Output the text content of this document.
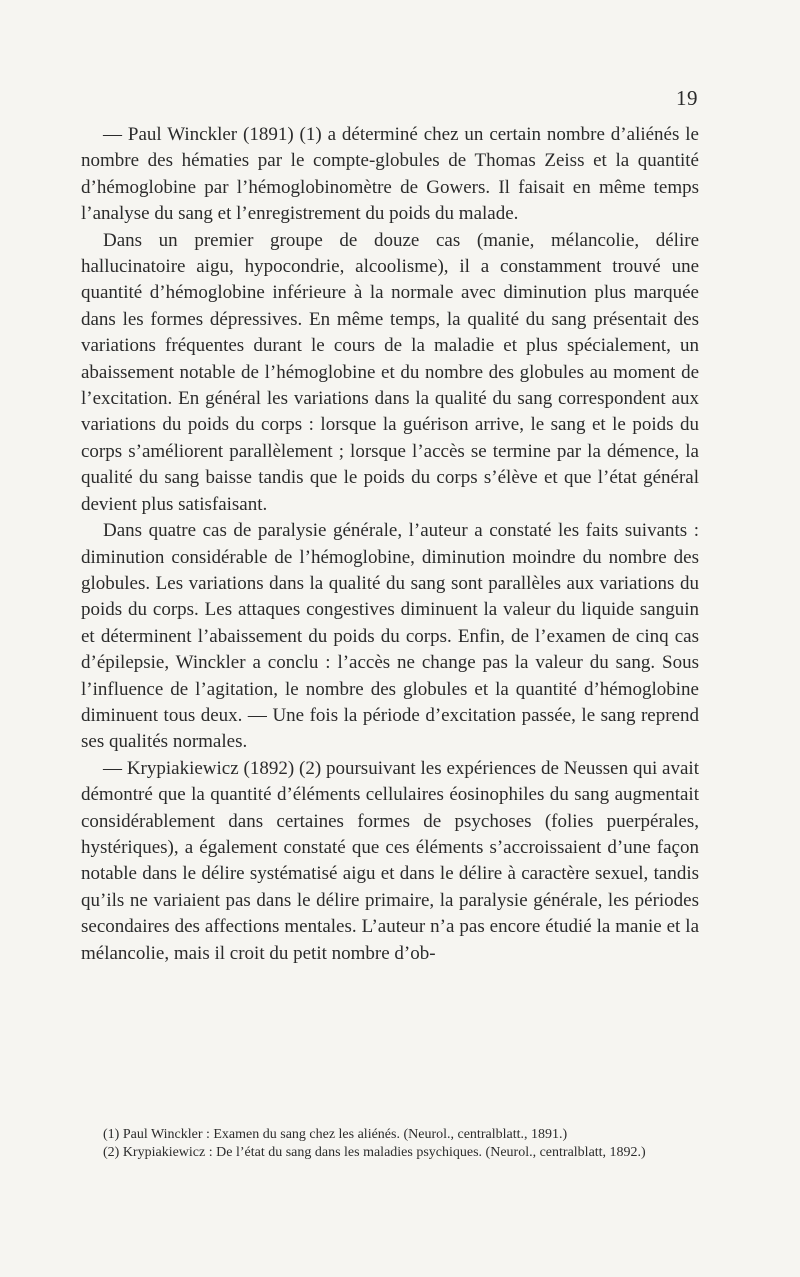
19

— Paul Winckler (1891) (1) a déterminé chez un certain nombre d’aliénés le nombre des hématies par le compte-globules de Thomas Zeiss et la quantité d’hémoglobine par l’hémoglobinomètre de Gowers. Il faisait en même temps l’analyse du sang et l’enregistrement du poids du malade.

Dans un premier groupe de douze cas (manie, mélancolie, délire hallucinatoire aigu, hypocondrie, alcoolisme), il a constamment trouvé une quantité d’hémoglobine inférieure à la normale avec diminution plus marquée dans les formes dépressives. En même temps, la qualité du sang présentait des variations fréquentes durant le cours de la maladie et plus spécialement, un abaissement notable de l’hémoglobine et du nombre des globules au moment de l’excitation. En général les variations dans la qualité du sang correspondent aux variations du poids du corps : lorsque la guérison arrive, le sang et le poids du corps s’améliorent parallèlement ; lorsque l’accès se termine par la démence, la qualité du sang baisse tandis que le poids du corps s’élève et que l’état général devient plus satisfaisant.

Dans quatre cas de paralysie générale, l’auteur a constaté les faits suivants : diminution considérable de l’hémoglobine, diminution moindre du nombre des globules. Les variations dans la qualité du sang sont parallèles aux variations du poids du corps. Les attaques congestives diminuent la valeur du liquide sanguin et déterminent l’abaissement du poids du corps. Enfin, de l’examen de cinq cas d’épilepsie, Winckler a conclu : l’accès ne change pas la valeur du sang. Sous l’influence de l’agitation, le nombre des globules et la quantité d’hémoglobine diminuent tous deux. — Une fois la période d’excitation passée, le sang reprend ses qualités normales.

— Krypiakiewicz (1892) (2) poursuivant les expériences de Neussen qui avait démontré que la quantité d’éléments cellulaires éosinophiles du sang augmentait considérablement dans certaines formes de psychoses (folies puerpérales, hystériques), a également constaté que ces éléments s’accroissaient d’une façon notable dans le délire systématisé aigu et dans le délire à caractère sexuel, tandis qu’ils ne variaient pas dans le délire primaire, la paralysie générale, les périodes secondaires des affections mentales. L’auteur n’a pas encore étudié la manie et la mélancolie, mais il croit du petit nombre d’ob-

(1) Paul Winckler : Examen du sang chez les aliénés. (Neurol., centralblatt., 1891.)

(2) Krypiakiewicz : De l’état du sang dans les maladies psychiques. (Neurol., centralblatt, 1892.)
